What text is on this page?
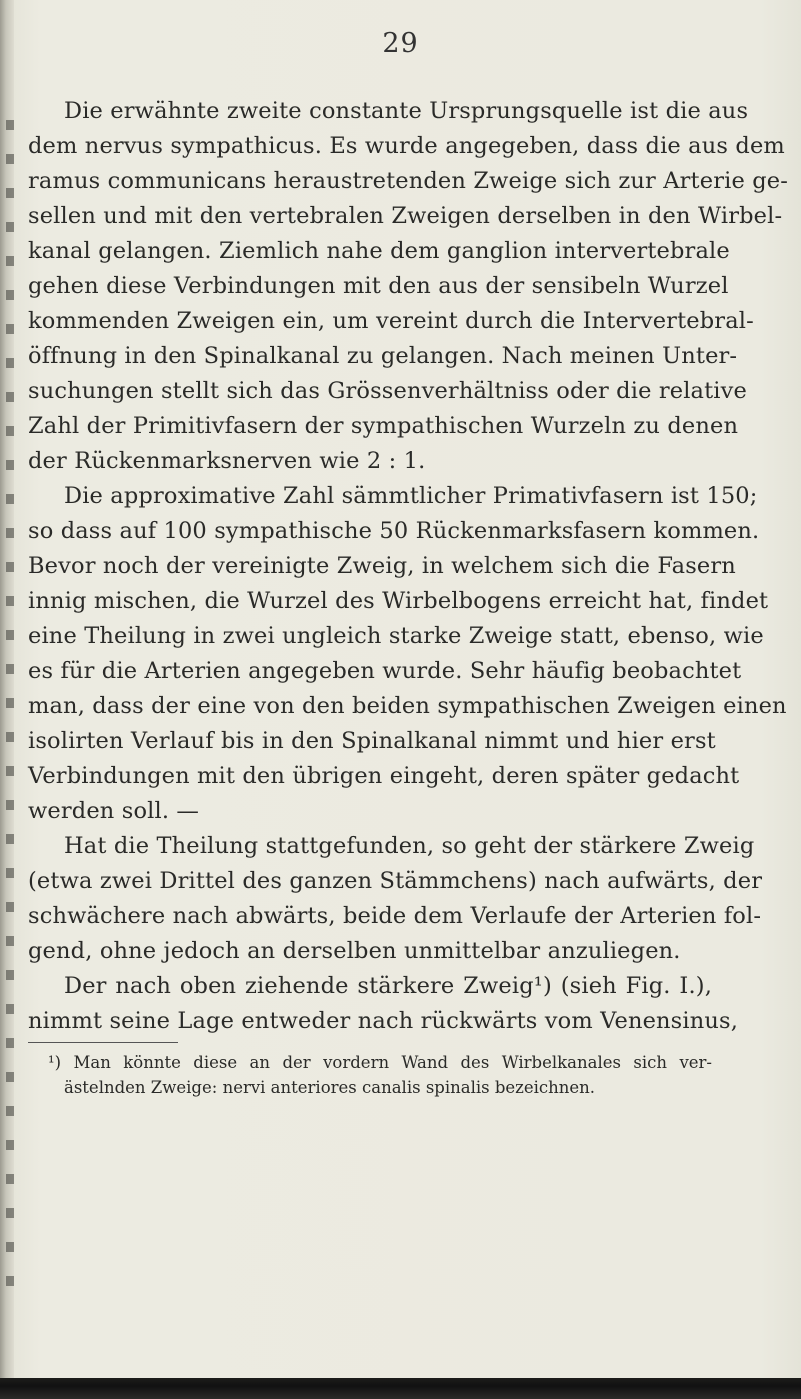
29
Die erwähnte zweite constante Ursprungsquelle ist die aus
dem nervus sympathicus. Es wurde angegeben, dass die aus dem
ramus communicans heraustretenden Zweige sich zur Arterie ge-
sellen und mit den vertebralen Zweigen derselben in den Wirbel-
kanal gelangen. Ziemlich nahe dem ganglion intervertebrale
gehen diese Verbindungen mit den aus der sensibeln Wurzel
kommenden Zweigen ein, um vereint durch die Intervertebral-
öffnung in den Spinalkanal zu gelangen. Nach meinen Unter-
suchungen stellt sich das Grössenverhältniss oder die relative
Zahl der Primitivfasern der sympathischen Wurzeln zu denen
der Rückenmarksnerven wie 2 : 1.
Die approximative Zahl sämmtlicher Primativfasern ist 150;
so dass auf 100 sympathische 50 Rückenmarksfasern kommen.
Bevor noch der vereinigte Zweig, in welchem sich die Fasern
innig mischen, die Wurzel des Wirbelbogens erreicht hat, findet
eine Theilung in zwei ungleich starke Zweige statt, ebenso, wie
es für die Arterien angegeben wurde. Sehr häufig beobachtet
man, dass der eine von den beiden sympathischen Zweigen einen
isolirten Verlauf bis in den Spinalkanal nimmt und hier erst
Verbindungen mit den übrigen eingeht, deren später gedacht
werden soll. —
Hat die Theilung stattgefunden, so geht der stärkere Zweig
(etwa zwei Drittel des ganzen Stämmchens) nach aufwärts, der
schwächere nach abwärts, beide dem Verlaufe der Arterien fol-
gend, ohne jedoch an derselben unmittelbar anzuliegen.
Der nach oben ziehende stärkere Zweig¹) (sieh Fig. I.),
nimmt seine Lage entweder nach rückwärts vom Venensinus,
¹) Man könnte diese an der vordern Wand des Wirbelkanales sich ver-
ästelnden Zweige: nervi anteriores canalis spinalis bezeichnen.
